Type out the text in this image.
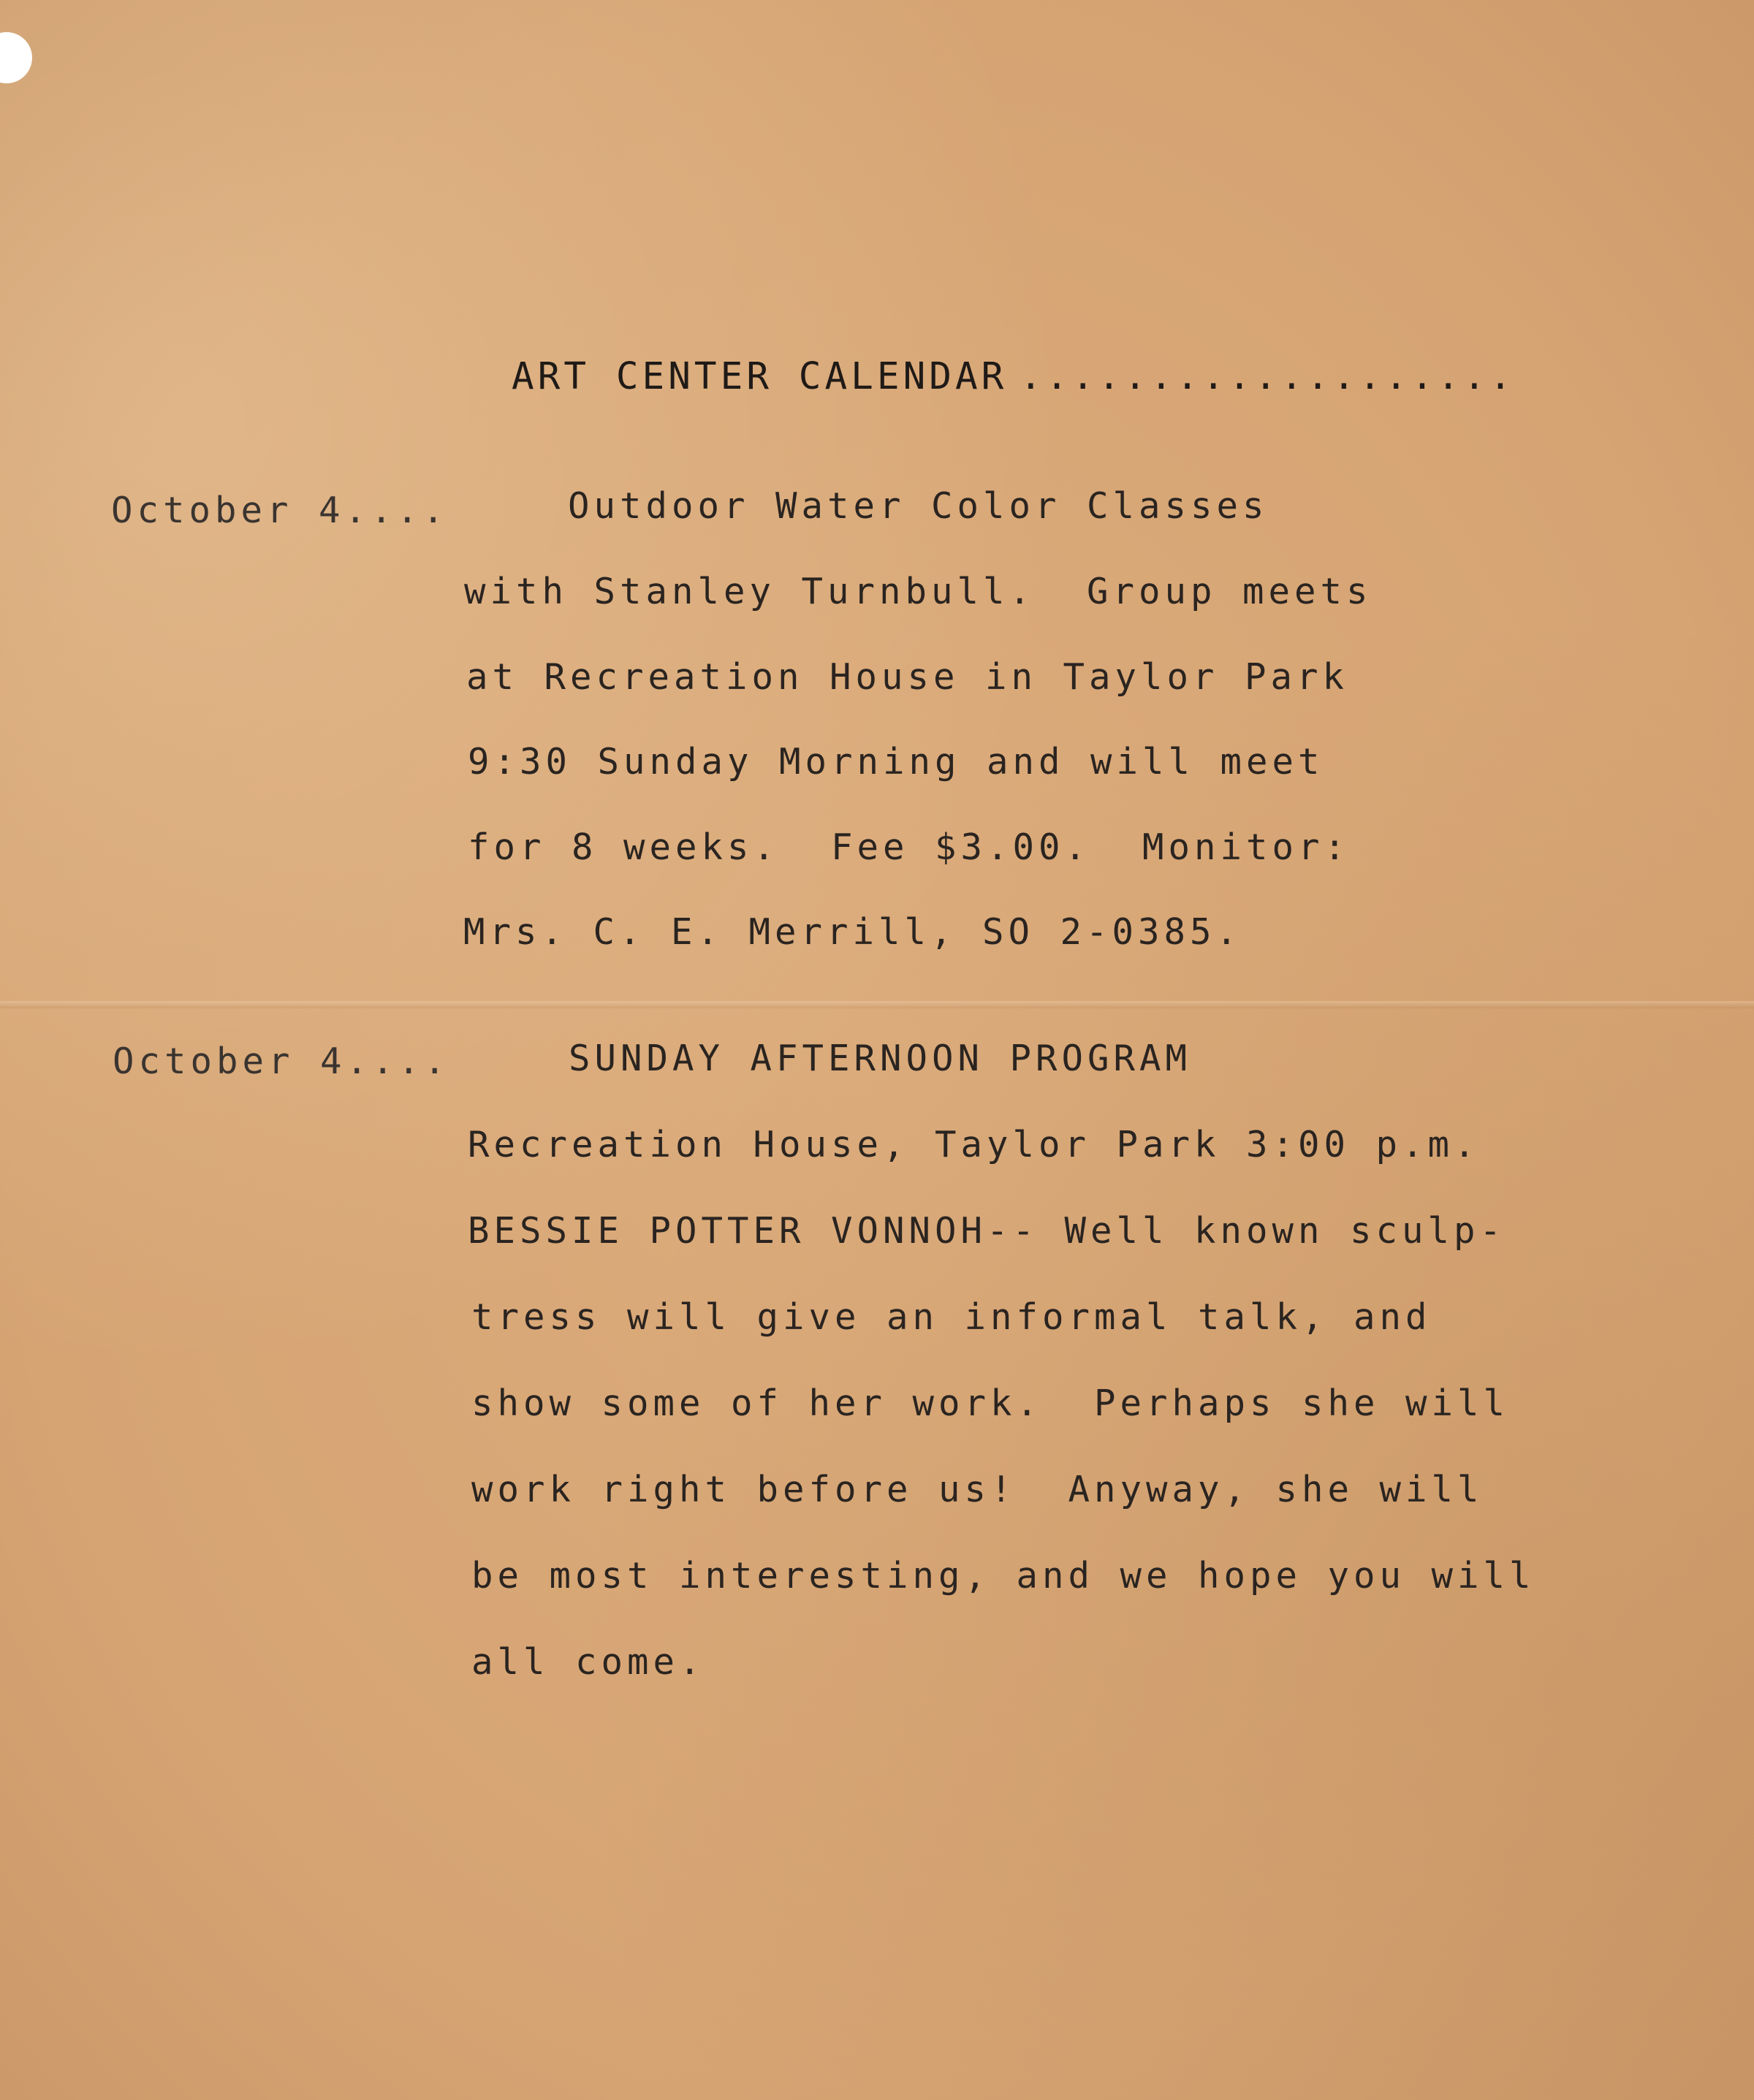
ART CENTER CALENDAR ...................
October 4....	Outdoor Water Color Classes
with Stanley Turnbull.  Group meets
at Recreation House in Taylor Park
9:30 Sunday Morning and will meet
for 8 weeks.  Fee $3.00.  Monitor:
Mrs. C. E. Merrill, SO 2-0385.
October 4....	SUNDAY AFTERNOON PROGRAM
Recreation House, Taylor Park 3:00 p.m.
BESSIE POTTER VONNOH-- Well known sculp-
tress will give an informal talk, and
show some of her work.  Perhaps she will
work right before us!  Anyway, she will
be most interesting, and we hope you will
all come.
